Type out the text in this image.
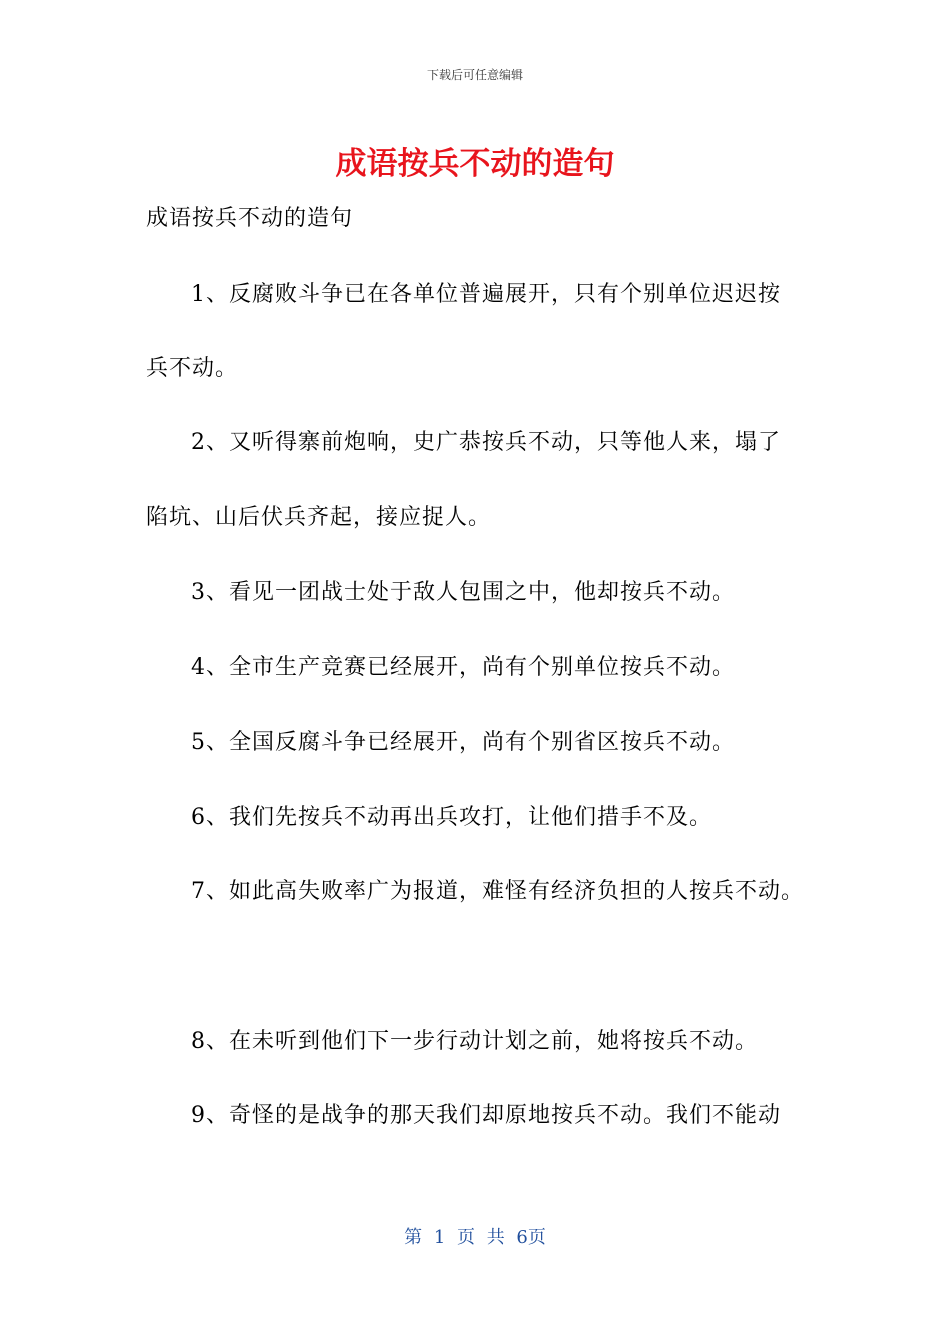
下载后可任意编辑
成语按兵不动的造句
成语按兵不动的造句
1、反腐败斗争已在各单位普遍展开，只有个别单位迟迟按
兵不动。
2、又听得寨前炮响，史广恭按兵不动，只等他人来，塌了
陷坑、山后伏兵齐起，接应捉人。
3、看见一团战士处于敌人包围之中，他却按兵不动。
4、全市生产竞赛已经展开，尚有个别单位按兵不动。
5、全国反腐斗争已经展开，尚有个别省区按兵不动。
6、我们先按兵不动再出兵攻打，让他们措手不及。
7、如此高失败率广为报道，难怪有经济负担的人按兵不动。
8、在未听到他们下一步行动计划之前，她将按兵不动。
9、奇怪的是战争的那天我们却原地按兵不动。我们不能动
第 1 页 共 6页
